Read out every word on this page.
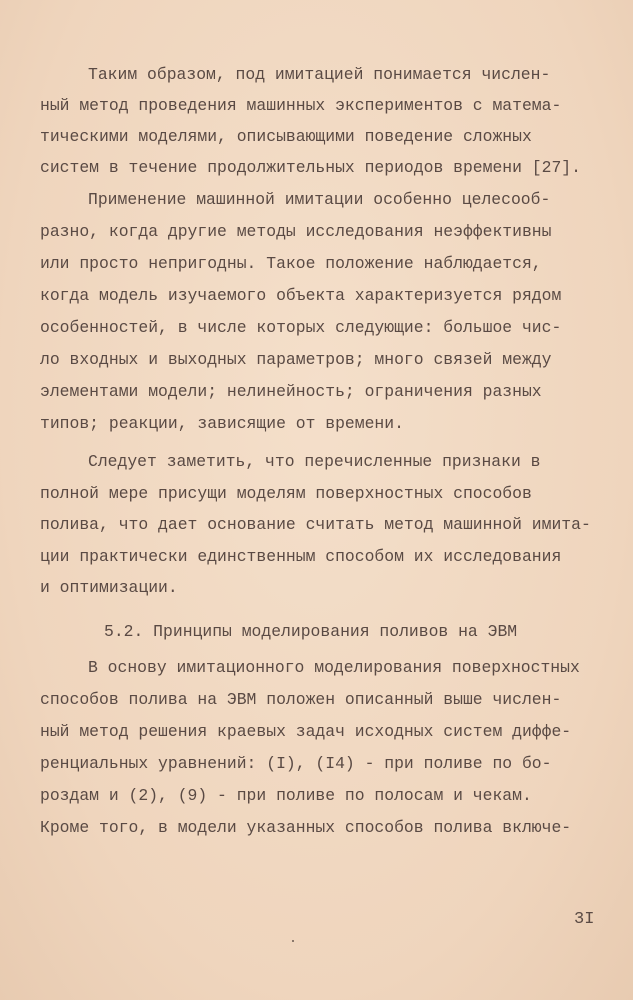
Таким образом, под имитацией понимается числен-
ный метод проведения машинных экспериментов с матема-
тическими моделями, описывающими поведение сложных
систем в течение продолжительных периодов времени [27].
Применение машинной имитации особенно целесооб-
разно, когда другие методы исследования неэффективны
или просто непригодны. Такое положение наблюдается,
когда модель изучаемого объекта характеризуется рядом
особенностей, в числе которых следующие: большое чис-
ло входных и выходных параметров; много связей между
элементами модели; нелинейность; ограничения разных
типов; реакции, зависящие от времени.
Следует заметить, что перечисленные признаки в
полной мере присущи моделям поверхностных способов
полива, что дает основание считать метод машинной имита-
ции практически единственным способом их исследования
и оптимизации.
5.2. Принципы моделирования поливов на ЭВМ
В основу имитационного моделирования поверхностных
способов полива на ЭВМ положен описанный выше числен-
ный метод решения краевых задач исходных систем диффе-
ренциальных уравнений: (I), (I4) - при поливе по бо-
роздам и (2), (9) - при поливе по полосам и чекам.
Кроме того, в модели указанных способов полива включе-
3I
